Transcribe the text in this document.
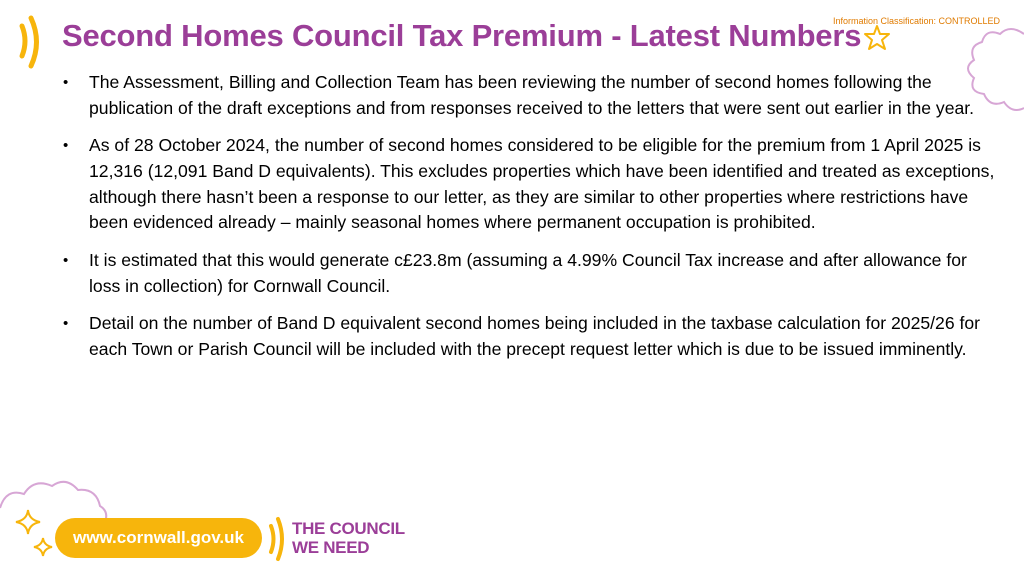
Information Classification: CONTROLLED
Second Homes Council Tax Premium - Latest Numbers
• The Assessment, Billing and Collection Team has been reviewing the number of second homes following the publication of the draft exceptions and from responses received to the letters that were sent out earlier in the year.
• As of 28 October 2024, the number of second homes considered to be eligible for the premium from 1 April 2025 is 12,316 (12,091 Band D equivalents). This excludes properties which have been identified and treated as exceptions, although there hasn’t been a response to our letter, as they are similar to other properties where restrictions have been evidenced already – mainly seasonal homes where permanent occupation is prohibited.
• It is estimated that this would generate c£23.8m (assuming a 4.99% Council Tax increase and after allowance for loss in collection) for Cornwall Council.
• Detail on the number of Band D equivalent second homes being included in the taxbase calculation for 2025/26 for each Town or Parish Council will be included with the precept request letter which is due to be issued imminently.
www.cornwall.gov.uk	THE COUNCIL
WE NEED
